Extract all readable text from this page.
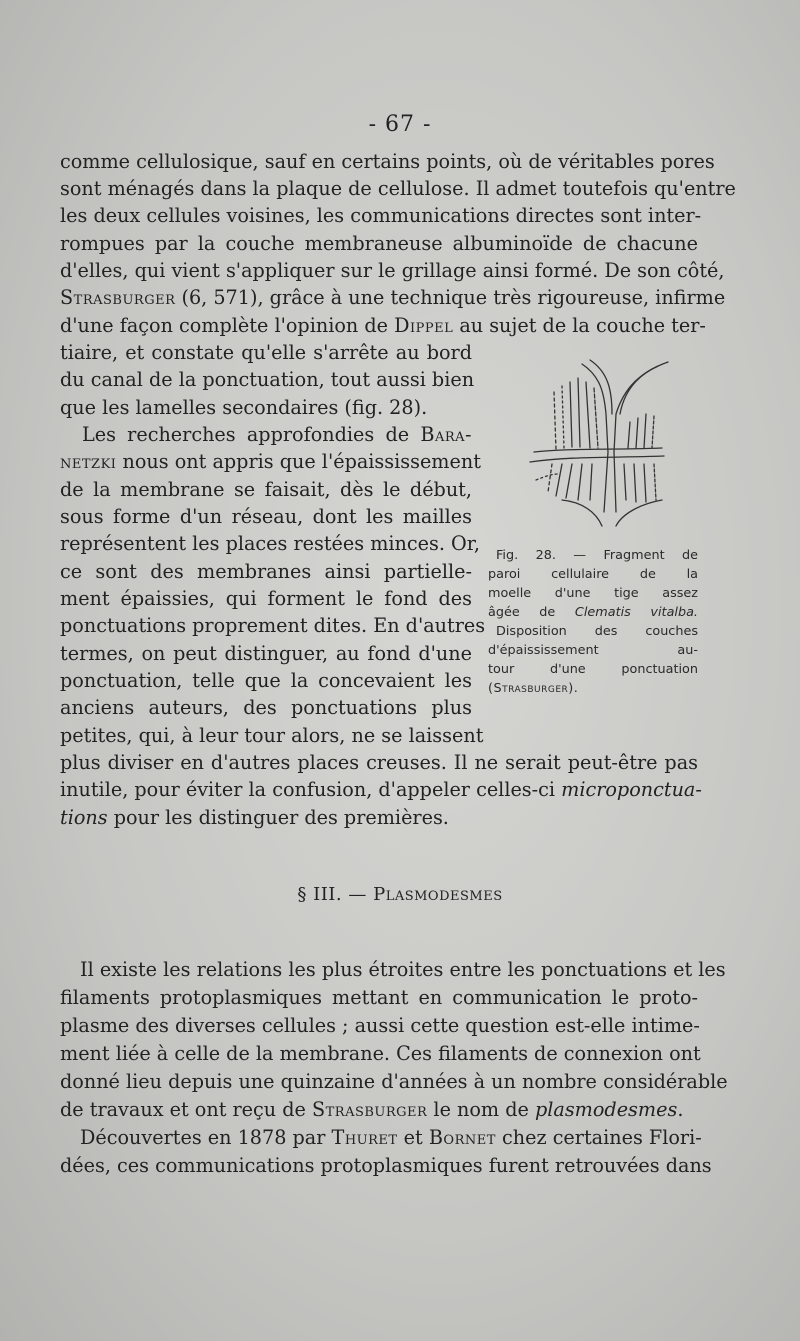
- 67 -

comme cellulosique, sauf en certains points, où de véritables pores

sont ménagés dans la plaque de cellulose. Il admet toutefois qu'entre

les deux cellules voisines, les communications directes sont inter-

rompues par la couche membraneuse albuminoïde de chacune

d'elles, qui vient s'appliquer sur le grillage ainsi formé. De son côté,

Strasburger (6, 571), grâce à une technique très rigoureuse, infirme

d'une façon complète l'opinion de Dippel au sujet de la couche ter-

tiaire, et constate qu'elle s'arrête au bord

du canal de la ponctuation, tout aussi bien

que les lamelles secondaires (fig. 28).

Les recherches approfondies de Bara-

netzki nous ont appris que l'épaississement

de la membrane se faisait, dès le début,

sous forme d'un réseau, dont les mailles

représentent les places restées minces. Or,

ce sont des membranes ainsi partielle-

ment épaissies, qui forment le fond des

ponctuations proprement dites. En d'autres

termes, on peut distinguer, au fond d'une

ponctuation, telle que la concevaient les

anciens auteurs, des ponctuations plus

petites, qui, à leur tour alors, ne se laissent

plus diviser en d'autres places creuses. Il ne serait peut-être pas

inutile, pour éviter la confusion, d'appeler celles-ci microponctua-

tions pour les distinguer des premières.

Fig. 28. — Fragment de

paroi cellulaire de la

moelle d'une tige assez

âgée de Clematis vitalba.

Disposition des couches

d'épaississement au-

tour d'une ponctuation

(Strasburger).

§ III. — Plasmodesmes

Il existe les relations les plus étroites entre les ponctuations et les

filaments protoplasmiques mettant en communication le proto-

plasme des diverses cellules ; aussi cette question est-elle intime-

ment liée à celle de la membrane. Ces filaments de connexion ont

donné lieu depuis une quinzaine d'années à un nombre considérable

de travaux et ont reçu de Strasburger le nom de plasmodesmes.

Découvertes en 1878 par Thuret et Bornet chez certaines Flori-

dées, ces communications protoplasmiques furent retrouvées dans
